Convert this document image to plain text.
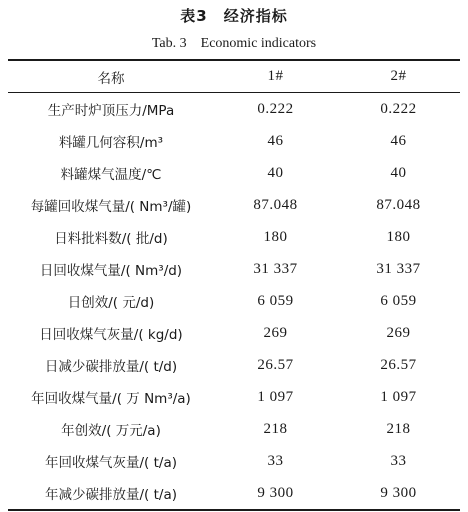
表3　经济指标
Tab. 3　Economic indicators
名称	1#	2#
生产时炉顶压力/MPa	0.222	0.222
料罐几何容积/m³	46	46
料罐煤气温度/℃	40	40
每罐回收煤气量/( Nm³/罐)	87.048	87.048
日料批料数/( 批/d)	180	180
日回收煤气量/( Nm³/d)	31 337	31 337
日创效/( 元/d)	6 059	6 059
日回收煤气灰量/( kg/d)	269	269
日减少碳排放量/( t/d)	26.57	26.57
年回收煤气量/( 万 Nm³/a)	1 097	1 097
年创效/( 万元/a)	218	218
年回收煤气灰量/( t/a)	33	33
年减少碳排放量/( t/a)	9 300	9 300
